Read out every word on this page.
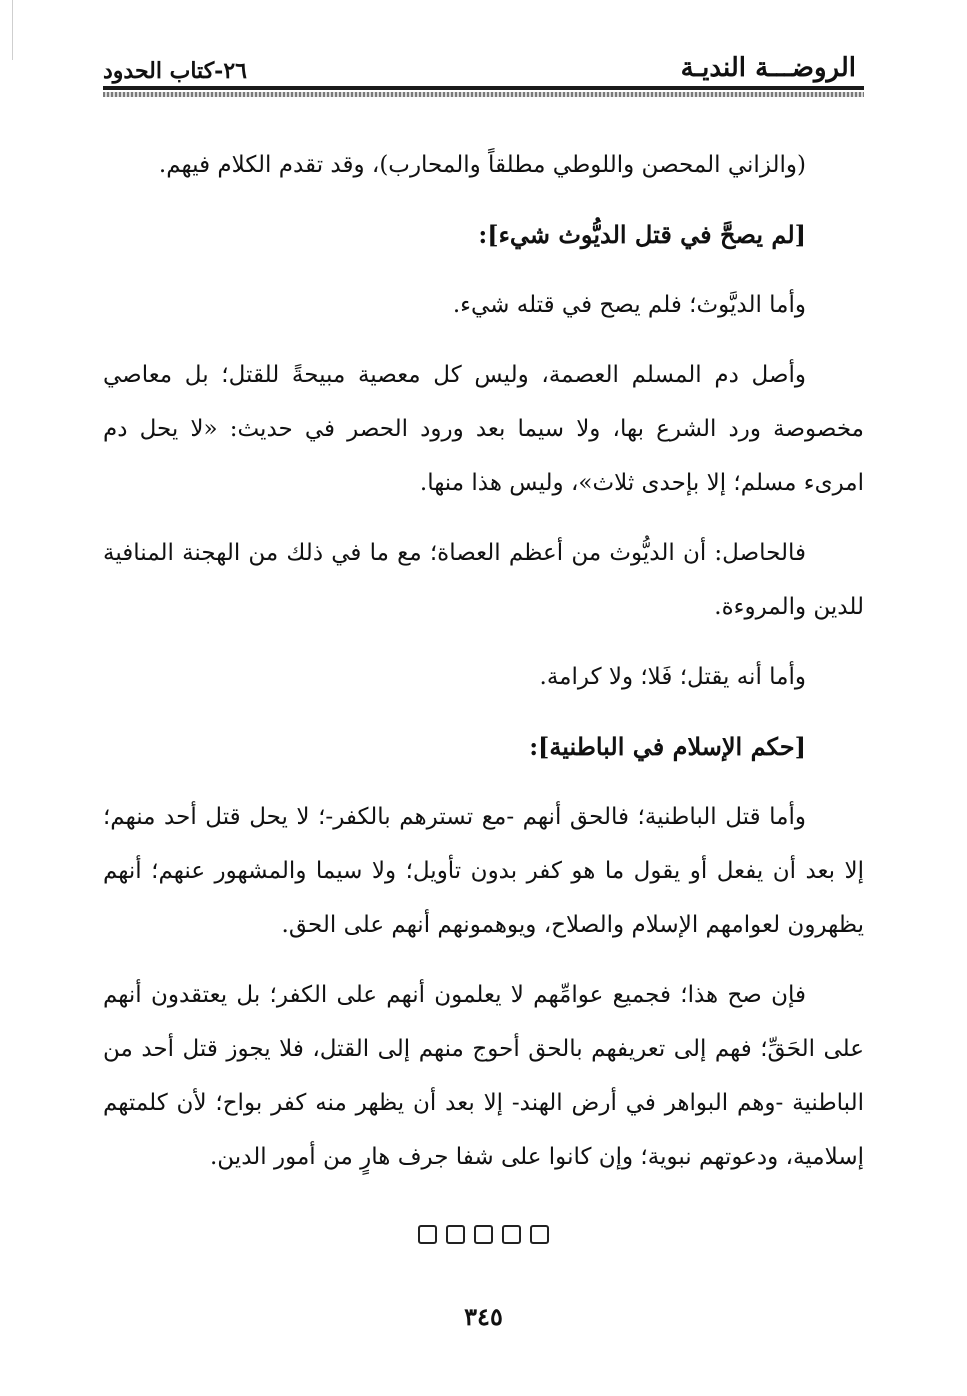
الروضـــة النديـة
٢٦-كتاب الحدود

(والزاني المحصن واللوطي مطلقاً والمحارب)، وقد تقدم الكلام فيهم.

[لم يصحَّ في قتل الديُّوث شيء]:

وأما الديَّوث؛ فلم يصح في قتله شيء.

وأصل دم المسلم العصمة، وليس كل معصية مبيحةً للقتل؛ بل معاصي مخصوصة ورد الشرع بها، ولا سيما بعد ورود الحصر في حديث: «لا يحل دم امرىء مسلم؛ إلا بإحدى ثلاث»، وليس هذا منها.

فالحاصل: أن الديُّوث من أعظم العصاة؛ مع ما في ذلك من الهجنة المنافية للدين والمروءة.

وأما أنه يقتل؛ فَلا؛ ولا كرامة.

[حكم الإسلام في الباطنية]:

وأما قتل الباطنية؛ فالحق أنهم -مع تسترهم بالكفر-؛ لا يحل قتل أحد منهم؛ إلا بعد أن يفعل أو يقول ما هو كفر بدون تأويل؛ ولا سيما والمشهور عنهم؛ أنهم يظهرون لعوامهم الإسلام والصلاح، ويوهمونهم أنهم على الحق.

فإن صح هذا؛ فجميع عوامِّهم لا يعلمون أنهم على الكفر؛ بل يعتقدون أنهم على الحَقِّ؛ فهم إلى تعريفهم بالحق أحوج منهم إلى القتل، فلا يجوز قتل أحد من الباطنية -وهم البواهر في أرض الهند- إلا بعد أن يظهر منه كفر بواح؛ لأن كلمتهم إسلامية، ودعوتهم نبوية؛ وإن كانوا على شفا جرف هارٍ من أمور الدين.

٣٤٥
